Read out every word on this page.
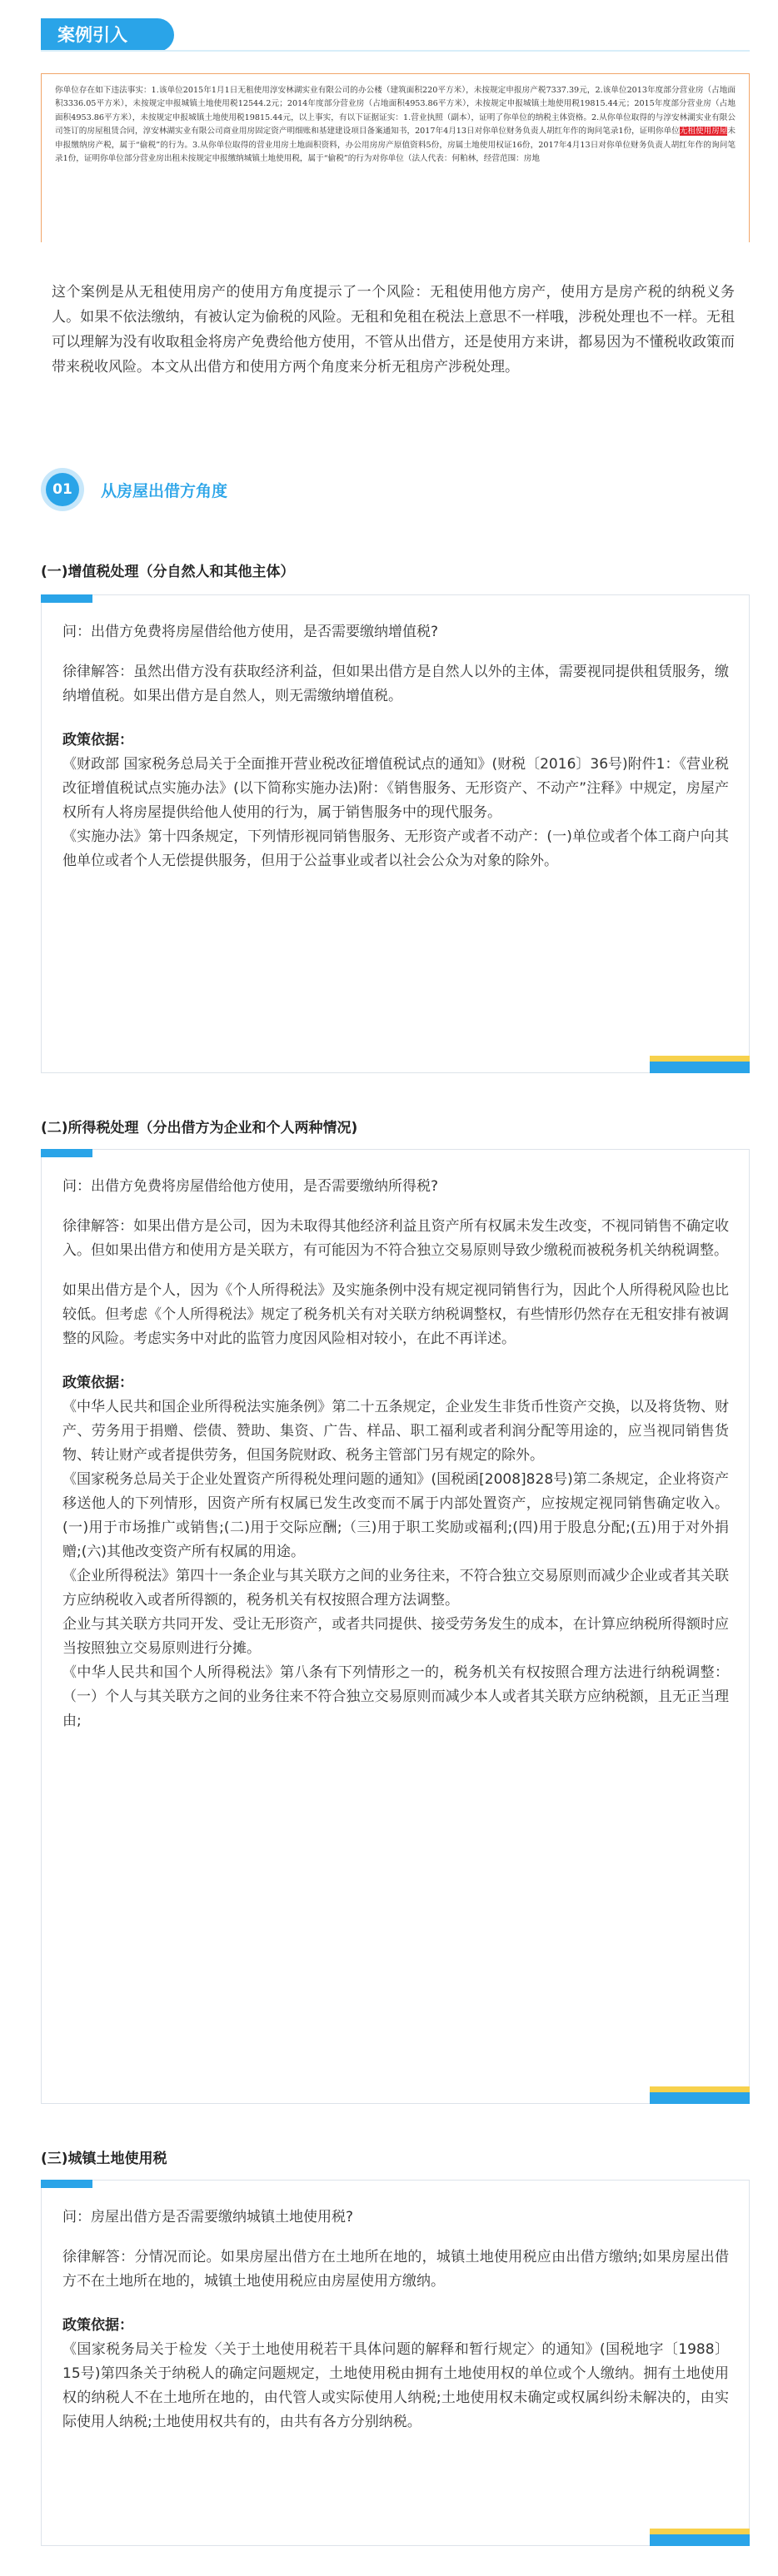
案例引入
你单位存在如下违法事实：1.该单位2015年1月1日无租使用淳安林湖实业有限公司的办公楼（建筑面积220平方米），未按规定申报房产税7337.39元，2.该单位2013年度部分营业房（占地面积3336.05平方米），未按规定申报城镇土地使用税12544.2元；2014年度部分营业房（占地面积4953.86平方米），未按规定申报城镇土地使用税19815.44元；2015年度部分营业房（占地面积4953.86平方米），未按规定申报城镇土地使用税19815.44元，以上事实，有以下证据证实：1.营业执照（副本），证明了你单位的纳税主体资格。2.从你单位取得的与淳安林湖实业有限公司签订的房屋租赁合同，淳安林湖实业有限公司商业用房固定资产明细账和基建建设项目备案通知书，2017年4月13日对你单位财务负责人胡红年作的询问笔录1份，证明你单位无租使用房屋未申报缴纳房产税，属于“偷税”的行为。3.从你单位取得的营业用房土地面积资料，办公用房房产原值资料5份，房属土地使用权证16份，2017年4月13日对你单位财务负责人胡红年作的询问笔录1份，证明你单位部分营业房出租未按规定申报缴纳城镇土地使用税，属于“偷税”的行为对你单位（法人代表：何粕林，经营范围：房地
这个案例是从无租使用房产的使用方角度提示了一个风险：无租使用他方房产，使用方是房产税的纳税义务人。如果不依法缴纳，有被认定为偷税的风险。无租和免租在税法上意思不一样哦，涉税处理也不一样。无租可以理解为没有收取租金将房产免费给他方使用，不管从出借方，还是使用方来讲，都易因为不懂税收政策而带来税收风险。本文从出借方和使用方两个角度来分析无租房产涉税处理。
01	从房屋出借方角度
(一)增值税处理（分自然人和其他主体）

问：出借方免费将房屋借给他方使用，是否需要缴纳增值税?

徐律解答：虽然出借方没有获取经济利益，但如果出借方是自然人以外的主体，需要视同提供租赁服务，缴纳增值税。如果出借方是自然人，则无需缴纳增值税。

政策依据：

《财政部 国家税务总局关于全面推开营业税改征增值税试点的通知》(财税〔2016〕36号)附件1：《营业税改征增值税试点实施办法》(以下简称实施办法)附：《销售服务、无形资产、不动产”注释》中规定，房屋产权所有人将房屋提供给他人使用的行为，属于销售服务中的现代服务。

《实施办法》第十四条规定，下列情形视同销售服务、无形资产或者不动产：(一)单位或者个体工商户向其他单位或者个人无偿提供服务，但用于公益事业或者以社会公众为对象的除外。

(二)所得税处理（分出借方为企业和个人两种情况)

问：出借方免费将房屋借给他方使用，是否需要缴纳所得税?

徐律解答：如果出借方是公司，因为未取得其他经济利益且资产所有权属未发生改变，不视同销售不确定收入。但如果出借方和使用方是关联方，有可能因为不符合独立交易原则导致少缴税而被税务机关纳税调整。

如果出借方是个人，因为《个人所得税法》及实施条例中没有规定视同销售行为，因此个人所得税风险也比较低。但考虑《个人所得税法》规定了税务机关有对关联方纳税调整权，有些情形仍然存在无租安排有被调整的风险。考虑实务中对此的监管力度因风险相对较小，在此不再详述。

政策依据：

《中华人民共和国企业所得税法实施条例》第二十五条规定，企业发生非货币性资产交换，以及将货物、财产、劳务用于捐赠、偿债、赞助、集资、广告、样品、职工福利或者利润分配等用途的，应当视同销售货物、转让财产或者提供劳务，但国务院财政、税务主管部门另有规定的除外。

《国家税务总局关于企业处置资产所得税处理问题的通知》(国税函[2008]828号)第二条规定，企业将资产移送他人的下列情形，因资产所有权属已发生改变而不属于内部处置资产，应按规定视同销售确定收入。(一)用于市场推广或销售;(二)用于交际应酬;（三)用于职工奖励或福利;(四)用于股息分配;(五)用于对外捐赠;(六)其他改变资产所有权属的用途。

《企业所得税法》第四十一条企业与其关联方之间的业务往来，不符合独立交易原则而减少企业或者其关联方应纳税收入或者所得额的，税务机关有权按照合理方法调整。

企业与其关联方共同开发、受让无形资产，或者共同提供、接受劳务发生的成本，在计算应纳税所得额时应当按照独立交易原则进行分摊。

《中华人民共和国个人所得税法》第八条有下列情形之一的，税务机关有权按照合理方法进行纳税调整：（一）个人与其关联方之间的业务往来不符合独立交易原则而减少本人或者其关联方应纳税额，且无正当理由;

(三)城镇土地使用税

问：房屋出借方是否需要缴纳城镇土地使用税?

徐律解答：分情况而论。如果房屋出借方在土地所在地的，城镇土地使用税应由出借方缴纳;如果房屋出借方不在土地所在地的，城镇土地使用税应由房屋使用方缴纳。

政策依据：

《国家税务局关于检发〈关于土地使用税若干具体问题的解释和暂行规定〉的通知》(国税地字〔1988〕15号)第四条关于纳税人的确定问题规定，土地使用税由拥有土地使用权的单位或个人缴纳。拥有土地使用权的纳税人不在土地所在地的，由代管人或实际使用人纳税;土地使用权未确定或权属纠纷未解决的，由实际使用人纳税;土地使用权共有的，由共有各方分别纳税。
